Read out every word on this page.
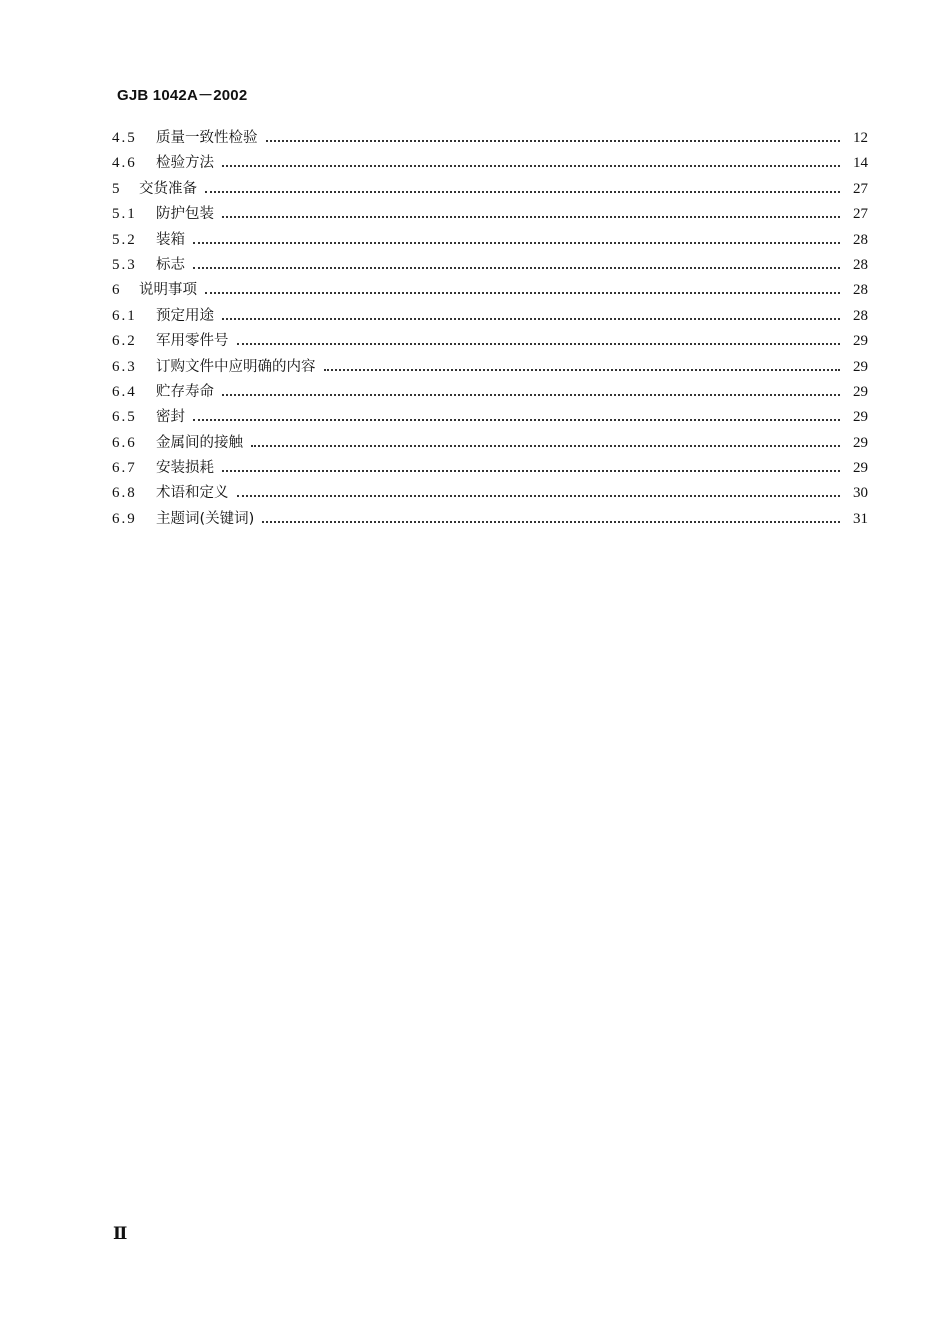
GJB 1042A－2002
4.5	质量一致性检验	12
4.6	检验方法	14
5	交货准备	27
5.1	防护包装	27
5.2	装箱	28
5.3	标志	28
6	说明事项	28
6.1	预定用途	28
6.2	军用零件号	29
6.3	订购文件中应明确的内容	29
6.4	贮存寿命	29
6.5	密封	29
6.6	金属间的接触	29
6.7	安装损耗	29
6.8	术语和定义	30
6.9	主题词(关键词)	31
Ⅱ
